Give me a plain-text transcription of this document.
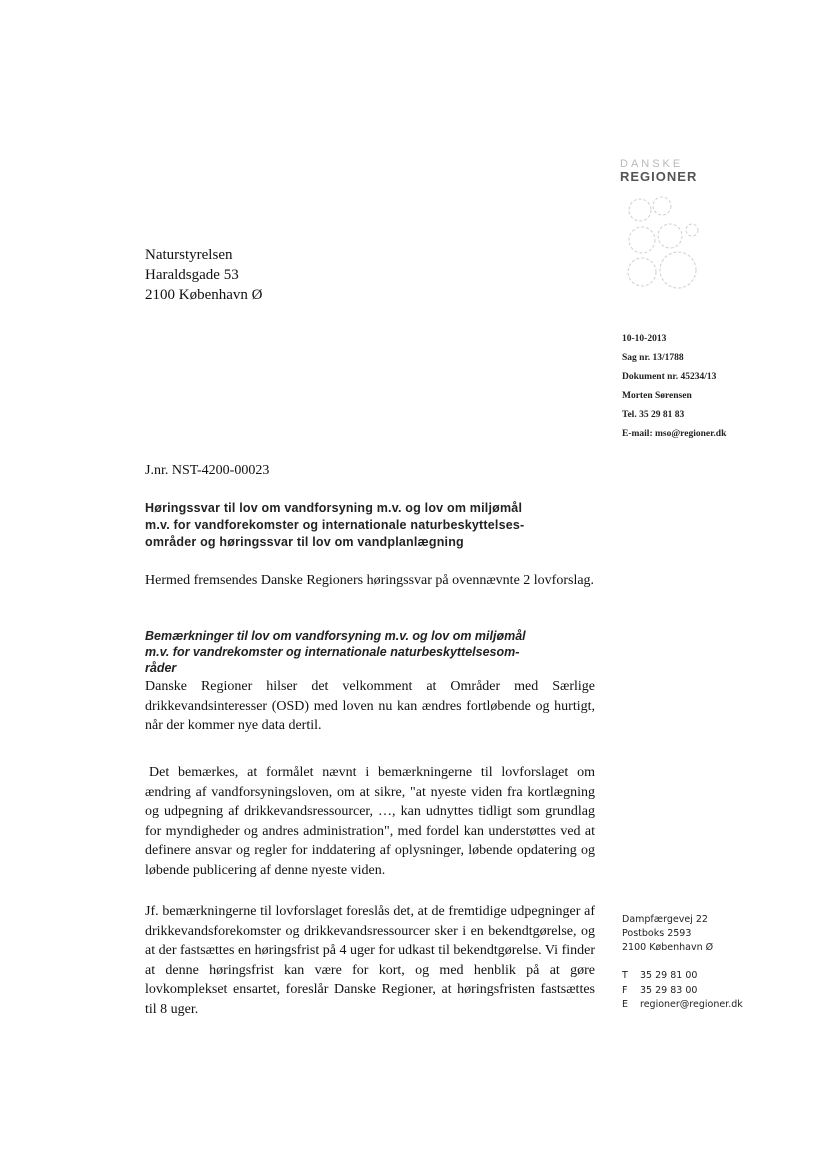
DANSKE
REGIONER
Naturstyrelsen
Haraldsgade 53
2100 København Ø
10-10-2013
Sag nr. 13/1788
Dokument nr. 45234/13
Morten Sørensen
Tel. 35 29 81 83
E-mail: mso@regioner.dk
J.nr. NST-4200-00023
Høringssvar til lov om vandforsyning m.v. og lov om miljømål
m.v. for vandforekomster og internationale naturbeskyttelses-
områder og høringssvar til lov om vandplanlægning
Hermed fremsendes Danske Regioners høringssvar på ovennævnte 2 lovforslag.
Bemærkninger til lov om vandforsyning m.v. og lov om miljømål
m.v. for vandrekomster og internationale naturbeskyttelsesom-
råder
Danske Regioner hilser det velkomment at Områder med Særlige drikkevandsinteresser (OSD) med loven nu kan ændres fortløbende og hurtigt, når der kommer nye data dertil.
Det bemærkes, at formålet nævnt i bemærkningerne til lovforslaget om ændring af vandforsyningsloven, om at sikre, "at nyeste viden fra kortlægning og udpegning af drikkevandsressourcer, …, kan udnyttes tidligt som grundlag for myndigheder og andres administration", med fordel kan understøttes ved at definere ansvar og regler for inddatering af oplysninger, løbende opdatering og løbende publicering af denne nyeste viden.
Jf. bemærkningerne til lovforslaget foreslås det, at de fremtidige udpegninger af drikkevandsforekomster og drikkevandsressourcer sker i en bekendtgørelse, og at der fastsættes en høringsfrist på 4 uger for udkast til bekendtgørelse. Vi finder at denne høringsfrist kan være for kort, og med henblik på at gøre lovkomplekset ensartet, foreslår Danske Regioner, at høringsfristen fastsættes til 8 uger.
Dampfærgevej 22
Postboks 2593
2100 København Ø
T 35 29 81 00
F 35 29 83 00
E regioner@regioner.dk
